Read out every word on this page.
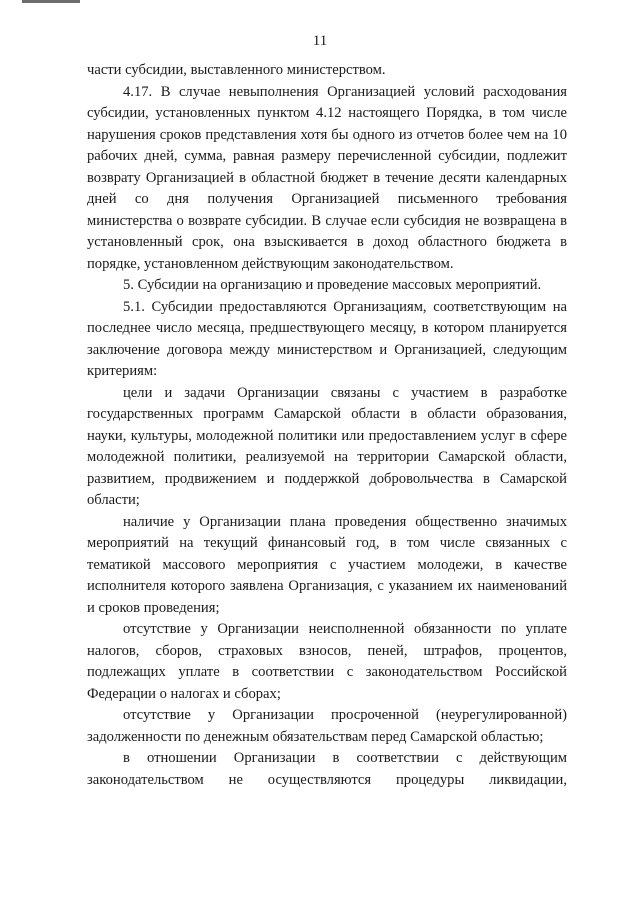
11

части субсидии, выставленного министерством.

4.17. В случае невыполнения Организацией условий расходования субсидии, установленных пунктом 4.12 настоящего Порядка, в том числе нарушения сроков представления хотя бы одного из отчетов более чем на 10 рабочих дней, сумма, равная размеру перечисленной субсидии, подлежит возврату Организацией в областной бюджет в течение десяти календарных дней со дня получения Организацией письменного требования министерства о возврате субсидии. В случае если субсидия не возвращена в установленный срок, она взыскивается в доход областного бюджета в порядке, установленном действующим законодательством.

5. Субсидии на организацию и проведение массовых мероприятий.

5.1. Субсидии предоставляются Организациям, соответствующим на последнее число месяца, предшествующего месяцу, в котором планируется заключение договора между министерством и Организацией, следующим критериям:

цели и задачи Организации связаны с участием в разработке государственных программ Самарской области в области образования, науки, культуры, молодежной политики или предоставлением услуг в сфере молодежной политики, реализуемой на территории Самарской области, развитием, продвижением и поддержкой добровольчества в Самарской области;

наличие у Организации плана проведения общественно значимых мероприятий на текущий финансовый год, в том числе связанных с тематикой массового мероприятия с участием молодежи, в качестве исполнителя которого заявлена Организация, с указанием их наименований и сроков проведения;

отсутствие у Организации неисполненной обязанности по уплате налогов, сборов, страховых взносов, пеней, штрафов, процентов, подлежащих уплате в соответствии с законодательством Российской Федерации о налогах и сборах;

отсутствие у Организации просроченной (неурегулированной) задолженности по денежным обязательствам перед Самарской областью;

в отношении Организации в соответствии с действующим законодательством не осуществляются процедуры ликвидации,
